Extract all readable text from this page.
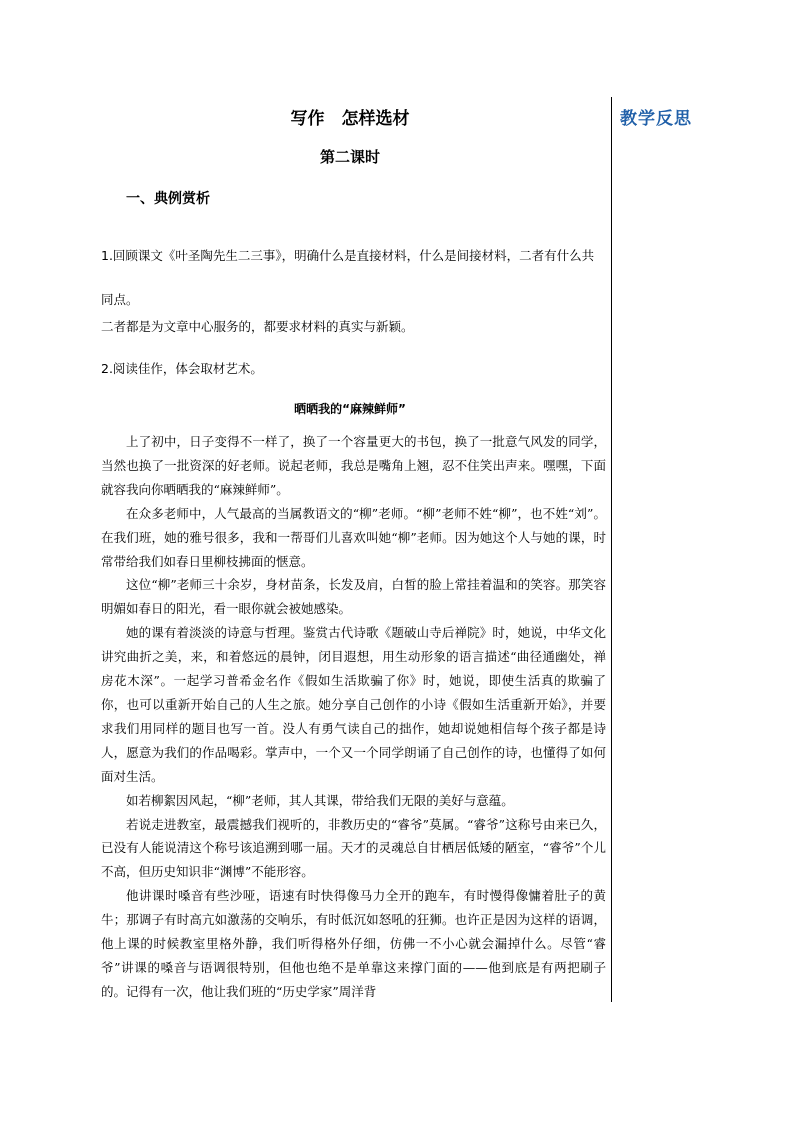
教学反思
写作　怎样选材
第二课时
一、典例赏析
1.回顾课文《叶圣陶先生二三事》，明确什么是直接材料，什么是间接材料，二者有什么共同点。
二者都是为文章中心服务的，都要求材料的真实与新颖。
2.阅读佳作，体会取材艺术。
晒晒我的“麻辣鲜师”

上了初中，日子变得不一样了，换了一个容量更大的书包，换了一批意气风发的同学，当然也换了一批资深的好老师。说起老师，我总是嘴角上翘，忍不住笑出声来。嘿嘿，下面就容我向你晒晒我的“麻辣鲜师”。

在众多老师中，人气最高的当属教语文的“柳”老师。“柳”老师不姓“柳”，也不姓“刘”。在我们班，她的雅号很多，我和一帮哥们儿喜欢叫她“柳”老师。因为她这个人与她的课，时常带给我们如春日里柳枝拂面的惬意。

这位“柳”老师三十余岁，身材苗条，长发及肩，白皙的脸上常挂着温和的笑容。那笑容明媚如春日的阳光，看一眼你就会被她感染。

她的课有着淡淡的诗意与哲理。鉴赏古代诗歌《题破山寺后禅院》时，她说，中华文化讲究曲折之美，来，和着悠远的晨钟，闭目遐想，用生动形象的语言描述“曲径通幽处，禅房花木深”。一起学习普希金名作《假如生活欺骗了你》时，她说，即使生活真的欺骗了你，也可以重新开始自己的人生之旅。她分享自己创作的小诗《假如生活重新开始》，并要求我们用同样的题目也写一首。没人有勇气读自己的拙作，她却说她相信每个孩子都是诗人，愿意为我们的作品喝彩。掌声中，一个又一个同学朗诵了自己创作的诗，也懂得了如何面对生活。

如若柳絮因风起，“柳”老师，其人其课，带给我们无限的美好与意蕴。

若说走进教室，最震撼我们视听的，非教历史的“睿爷”莫属。“睿爷”这称号由来已久，已没有人能说清这个称号该追溯到哪一届。天才的灵魂总自甘栖居低矮的陋室，“睿爷”个儿不高，但历史知识非“渊博”不能形容。

他讲课时嗓音有些沙哑，语速有时快得像马力全开的跑车，有时慢得像慵着肚子的黄牛；那调子有时高亢如激荡的交响乐，有时低沉如怒吼的狂狮。也许正是因为这样的语调，他上课的时候教室里格外静，我们听得格外仔细，仿佛一不小心就会漏掉什么。尽管“睿爷”讲课的嗓音与语调很特别，但他也绝不是单靠这来撑门面的——他到底是有两把刷子的。记得有一次，他让我们班的“历史学家”周洋背
